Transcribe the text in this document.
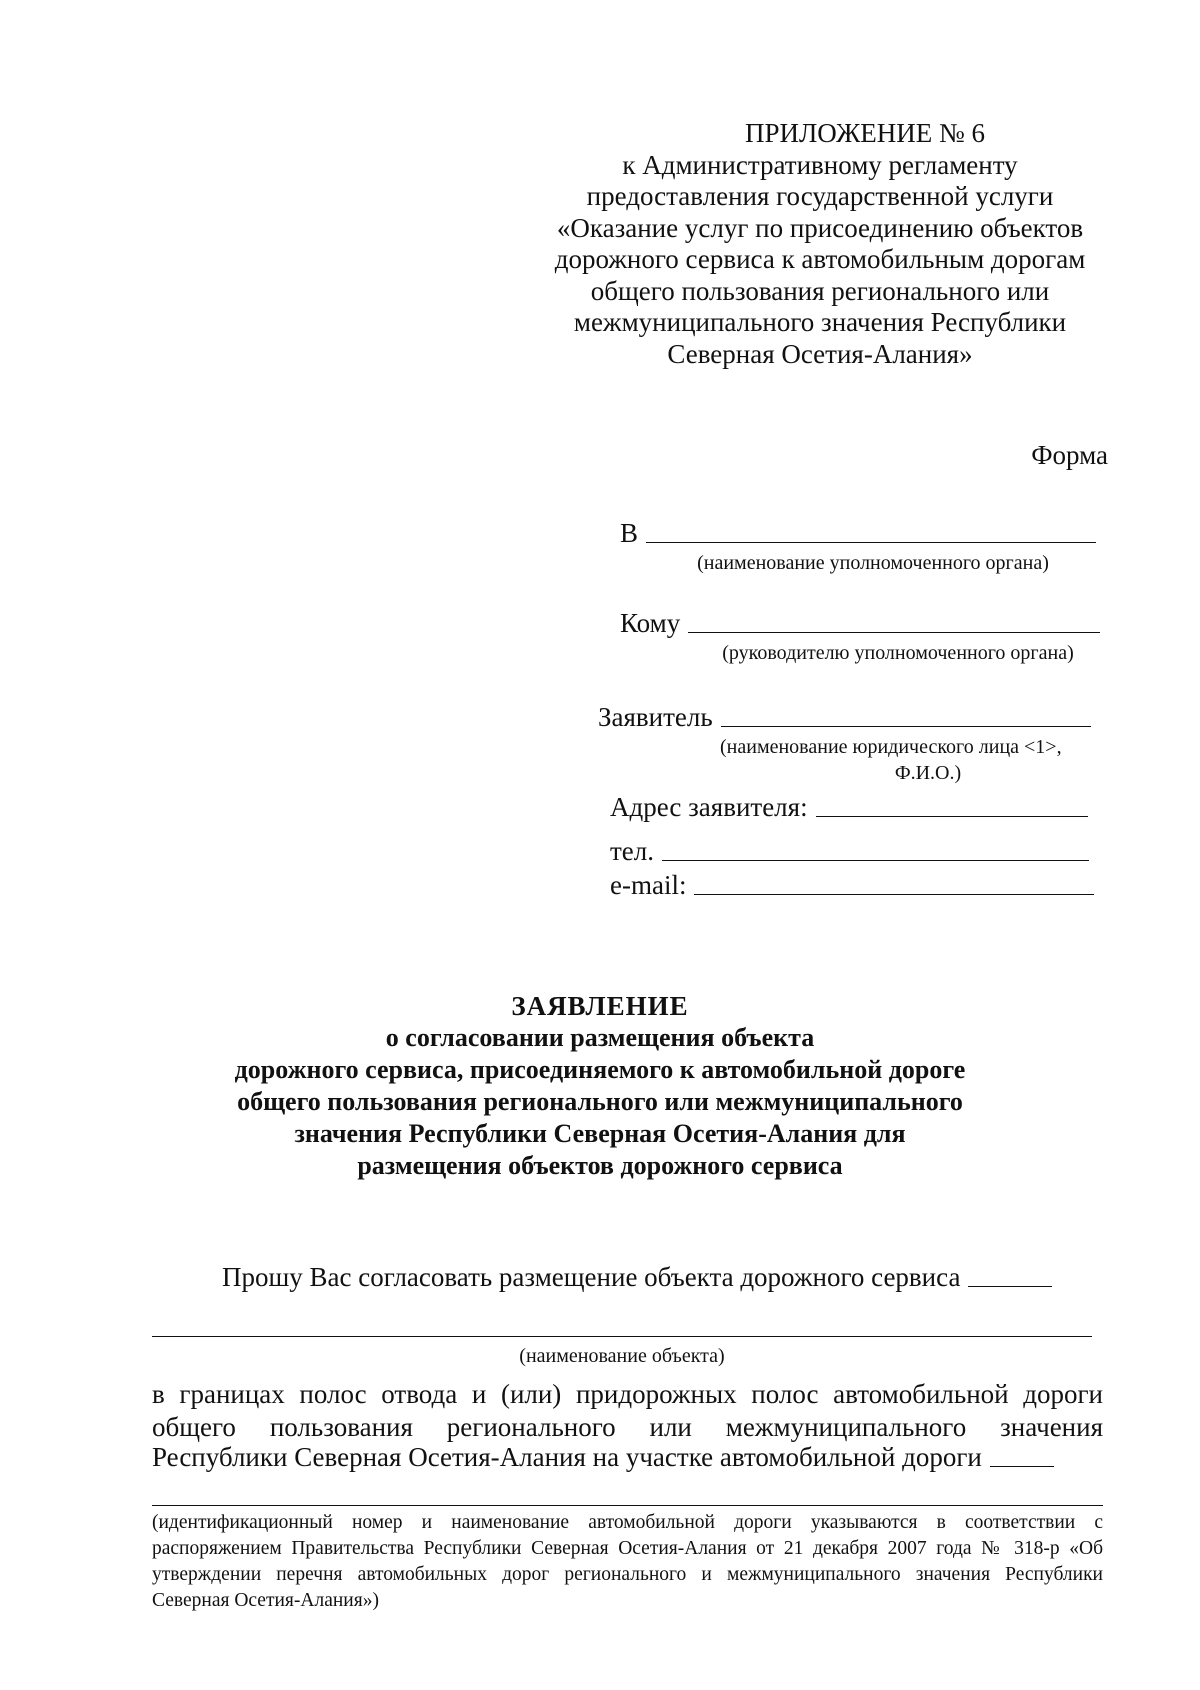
ПРИЛОЖЕНИЕ № 6
к Административному регламенту
предоставления государственной услуги
«Оказание услуг по присоединению объектов
дорожного сервиса к автомобильным дорогам
общего пользования регионального или
межмуниципального значения Республики
Северная Осетия-Алания»
Форма
В
(наименование уполномоченного органа)
Кому
(руководителю уполномоченного органа)
Заявитель
(наименование юридического лица <1>,
Ф.И.О.)
Адрес заявителя:
тел.
e-mail:
ЗАЯВЛЕНИЕ
о согласовании размещения объекта
дорожного сервиса, присоединяемого к автомобильной дороге
общего пользования регионального или межмуниципального
значения Республики Северная Осетия-Алания для
размещения объектов дорожного сервиса
Прошу Вас согласовать размещение объекта дорожного сервиса
(наименование объекта)
в границах полос отвода и (или) придорожных полос автомобильной дороги
общего пользования регионального или межмуниципального значения
Республики Северная Осетия-Алания на участке автомобильной дороги
(идентификационный номер и наименование автомобильной дороги указываются в соответствии с распоряжением Правительства Республики Северная Осетия-Алания от 21 декабря 2007 года № 318-р «Об утверждении перечня автомобильных дорог регионального и межмуниципального значения Республики Северная Осетия-Алания»)
